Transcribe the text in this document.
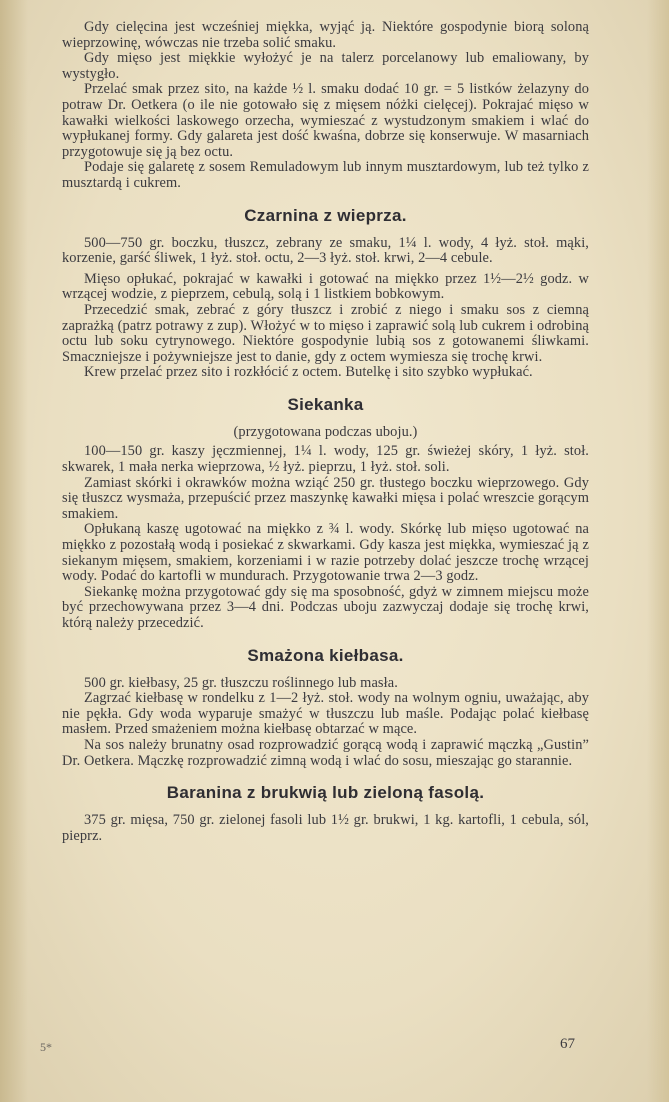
Gdy cielęcina jest wcześniej miękka, wyjąć ją. Niektóre gospodynie biorą soloną wieprzowinę, wówczas nie trzeba solić smaku.

Gdy mięso jest miękkie wyłożyć je na talerz porcelanowy lub emaliowany, by wystygło.

Przelać smak przez sito, na każde ½ l. smaku dodać 10 gr. = 5 listków żelazyny do potraw Dr. Oetkera (o ile nie gotowało się z mięsem nóżki cielęcej). Pokrajać mięso w kawałki wielkości laskowego orzecha, wymieszać z wystudzonym smakiem i wlać do wypłukanej formy. Gdy galareta jest dość kwaśna, dobrze się konserwuje. W masarniach przygotowuje się ją bez octu.

Podaje się galaretę z sosem Remuladowym lub innym musztardowym, lub też tylko z musztardą i cukrem.

Czarnina z wieprza.

500—750 gr. boczku, tłuszcz, zebrany ze smaku, 1¼ l. wody, 4 łyż. stoł. mąki, korzenie, garść śliwek, 1 łyż. stoł. octu, 2—3 łyż. stoł. krwi, 2—4 cebule.

Mięso opłukać, pokrajać w kawałki i gotować na miękko przez 1½—2½ godz. w wrzącej wodzie, z pieprzem, cebulą, solą i 1 listkiem bobkowym.

Przecedzić smak, zebrać z góry tłuszcz i zrobić z niego i smaku sos z ciemną zaprażką (patrz potrawy z zup). Włożyć w to mięso i zaprawić solą lub cukrem i odrobiną octu lub soku cytrynowego. Niektóre gospodynie lubią sos z gotowanemi śliwkami. Smaczniejsze i pożywniejsze jest to danie, gdy z octem wymiesza się trochę krwi.

Krew przelać przez sito i rozkłócić z octem. Butelkę i sito szybko wypłukać.

Siekanka

(przygotowana podczas uboju.)

100—150 gr. kaszy jęczmiennej, 1¼ l. wody, 125 gr. świeżej skóry, 1 łyż. stoł. skwarek, 1 mała nerka wieprzowa, ½ łyż. pieprzu, 1 łyż. stoł. soli.

Zamiast skórki i okrawków można wziąć 250 gr. tłustego boczku wieprzowego. Gdy się tłuszcz wysmaża, przepuścić przez maszynkę kawałki mięsa i polać wreszcie gorącym smakiem.

Opłukaną kaszę ugotować na miękko z ¾ l. wody. Skórkę lub mięso ugotować na miękko z pozostałą wodą i posiekać z skwarkami. Gdy kasza jest miękka, wymieszać ją z siekanym mięsem, smakiem, korzeniami i w razie potrzeby dolać jeszcze trochę wrzącej wody. Podać do kartofli w mundurach. Przygotowanie trwa 2—3 godz.

Siekankę można przygotować gdy się ma sposobność, gdyż w zimnem miejscu może być przechowywana przez 3—4 dni. Podczas uboju zazwyczaj dodaje się trochę krwi, którą należy przecedzić.

Smażona kiełbasa.

500 gr. kiełbasy, 25 gr. tłuszczu roślinnego lub masła.

Zagrzać kiełbasę w rondelku z 1—2 łyż. stoł. wody na wolnym ogniu, uważając, aby nie pękła. Gdy woda wyparuje smażyć w tłuszczu lub maśle. Podając polać kiełbasę masłem. Przed smażeniem można kiełbasę obtarzać w mące.

Na sos należy brunatny osad rozprowadzić gorącą wodą i zaprawić mączką „Gustin” Dr. Oetkera. Mączkę rozprowadzić zimną wodą i wlać do sosu, mieszając go starannie.

Baranina z brukwią lub zieloną fasolą.

375 gr. mięsa, 750 gr. zielonej fasoli lub 1½ gr. brukwi, 1 kg. kartofli, 1 cebula, sól, pieprz.

5*	67
